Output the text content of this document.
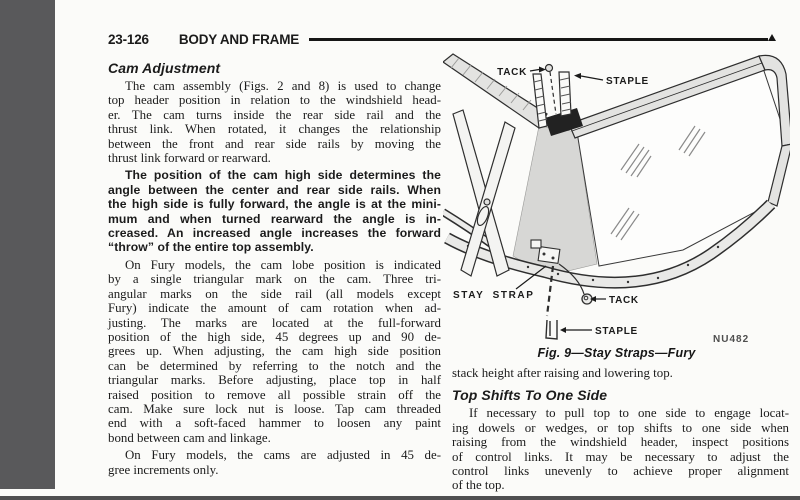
23-126 BODY AND FRAME
Cam Adjustment
The cam assembly (Figs. 2 and 8) is used to change
top header position in relation to the windshield head-
er. The cam turns inside the rear side rail and the
thrust link. When rotated, it changes the relationship
between the front and rear side rails by moving the
thrust link forward or rearward.
The position of the cam high side determines the
angle between the center and rear side rails. When
the high side is fully forward, the angle is at the mini-
mum and when turned rearward the angle is in-
creased. An increased angle increases the forward
“throw” of the entire top assembly.
On Fury models, the cam lobe position is indicated
by a single triangular mark on the cam. Three tri-
angular marks on the side rail (all models except
Fury) indicate the amount of cam rotation when ad-
justing. The marks are located at the full-forward
position of the high side, 45 degrees up and 90 de-
grees up. When adjusting, the cam high side position
can be determined by referring to the notch and the
triangular marks. Before adjusting, place top in half
raised position to remove all possible strain off the
cam. Make sure lock nut is loose. Tap cam threaded
end with a soft-faced hammer to loosen any paint
bond between cam and linkage.
On Fury models, the cams are adjusted in 45 de-
gree increments only.
TACK
STAPLE
STAY STRAP	TACK
STAPLE
NU482
Fig. 9—Stay Straps—Fury
stack height after raising and lowering top.
Top Shifts To One Side
If necessary to pull top to one side to engage locat-
ing dowels or wedges, or top shifts to one side when
raising from the windshield header, inspect positions
of control links. It may be necessary to adjust the
control links unevenly to achieve proper alignment
of the top.
